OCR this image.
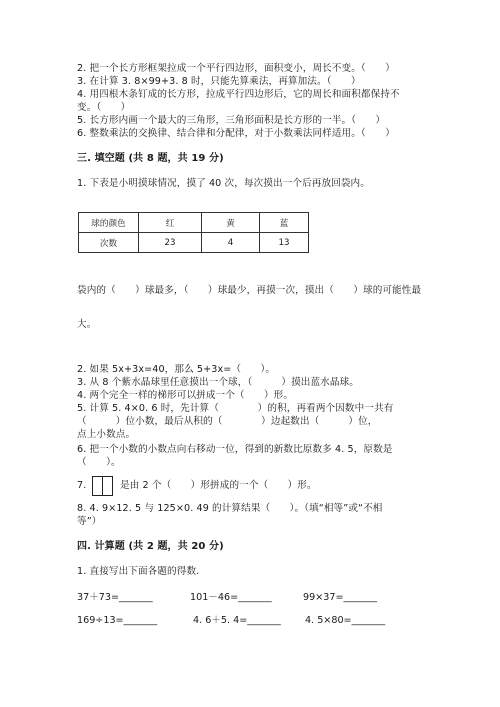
2. 把一个长方形框架拉成一个平行四边形，面积变小，周长不变。（　　）
3. 在计算 3. 8×99+3. 8 时，只能先算乘法，再算加法。（　　）
4. 用四根木条钉成的长方形，拉成平行四边形后，它的周长和面积都保持不
变。（　　）
5. 长方形内画一个最大的三角形，三角形面积是长方形的一半。（　　）
6. 整数乘法的交换律、结合律和分配律，对于小数乘法同样适用。（　　）
三. 填空题 (共 8 题，共 19 分)
1. 下表是小明摸球情况，摸了 40 次，每次摸出一个后再放回袋内。
球的颜色	红	黄	蓝
次数	23	4	13
袋内的（　　）球最多，（　　）球最少，再摸一次，摸出（　　）球的可能性最
大。
2. 如果 5x+3x=40，那么 5+3x=（　　）。
3. 从 8 个紫水晶球里任意摸出一个球，（　　　）摸出蓝水晶球。
4. 两个完全一样的梯形可以拼成一个（　　）形。
5. 计算 5. 4×0. 6 时，先计算（　　　　）的积，再看两个因数中一共有
（　　　）位小数，最后从积的（　　　　）边起数出（　　　）位，
点上小数点。
6. 把一个小数的小数点向右移动一位，得到的新数比原数多 4. 5，原数是
（　　）。
7.	是由 2 个（　　）形拼成的一个（　　）形。
8. 4. 9×12. 5 与 125×0. 49 的计算结果（　　）。（填“相等”或“不相
等”）
四. 计算题 (共 2 题，共 20 分)
1. 直接写出下面各题的得数.
37＋73=_______	101－46=_______	99×37=_______
169÷13=_______	4. 6＋5. 4=_______	4. 5×80=_______
